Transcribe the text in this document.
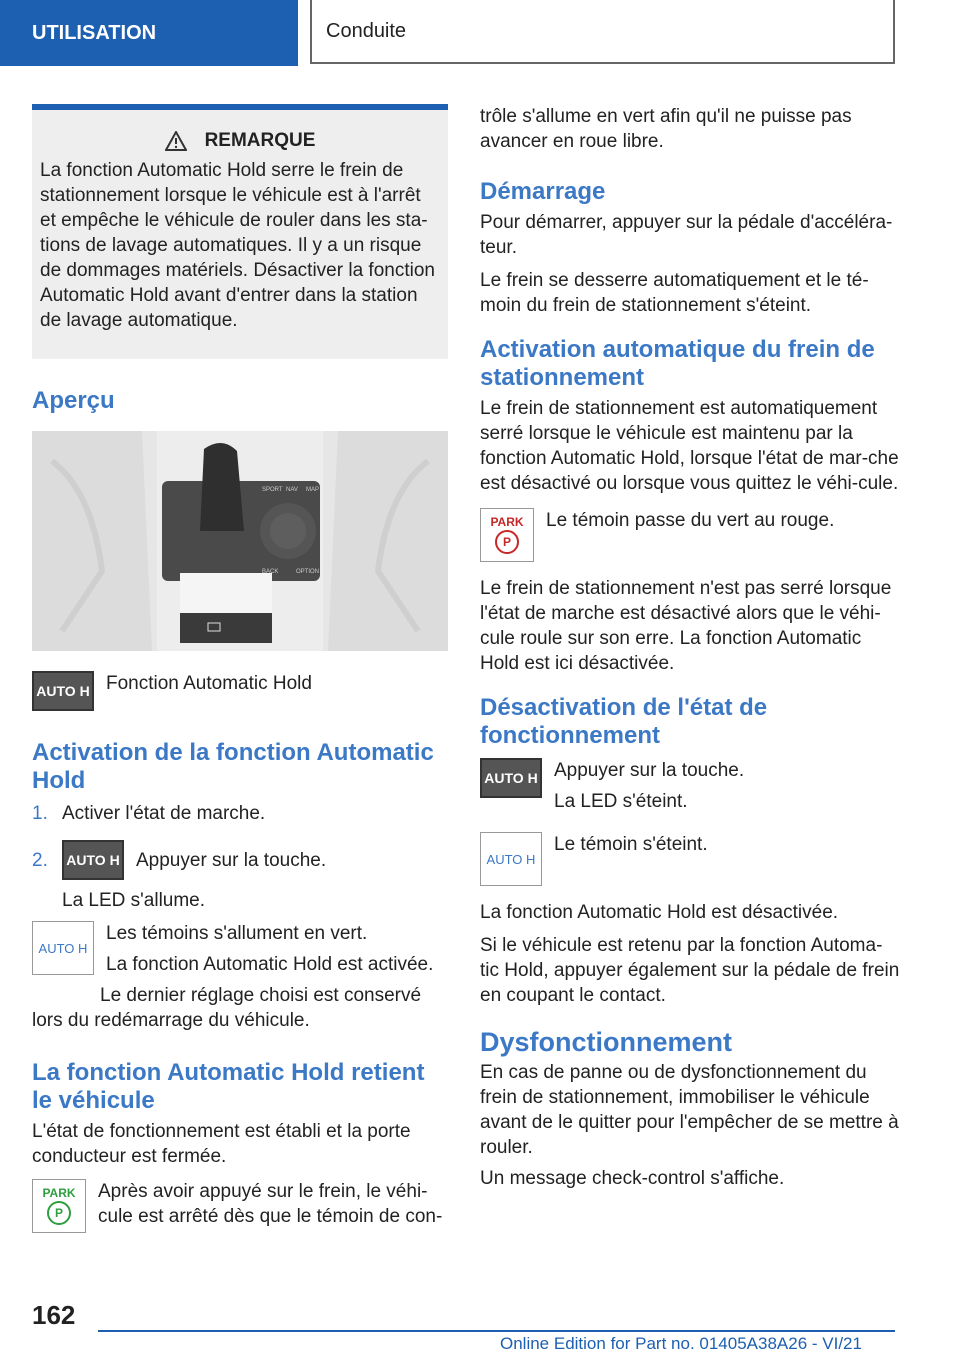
UTILISATION	Conduite
REMARQUE

La fonction Automatic Hold serre le frein de stationnement lorsque le véhicule est à l'arrêt et empêche le véhicule de rouler dans les sta-tions de lavage automatiques. Il y a un risque de dommages matériels. Désactiver la fonction Automatic Hold avant d'entrer dans la station de lavage automatique.

Aperçu
SPORT NAV MAP
BACK	OPTION
AUTO H Fonction Automatic Hold

Activation de la fonction Automatic Hold
1. Activer l'état de marche.
2.	AUTO H Appuyer sur la touche.

La LED s'allume.

AUTO H

Les témoins s'allument en vert.

La fonction Automatic Hold est activée.

Le dernier réglage choisi est conservé lors du redémarrage du véhicule.

La fonction Automatic Hold retient le véhicule

L'état de fonctionnement est établi et la porte conducteur est fermée.

PARK
P

Après avoir appuyé sur le frein, le véhi-cule est arrêté dès que le témoin de con-

trôle s'allume en vert afin qu'il ne puisse pas avancer en roue libre.

Démarrage

Pour démarrer, appuyer sur la pédale d'accéléra-teur.

Le frein se desserre automatiquement et le té-moin du frein de stationnement s'éteint.

Activation automatique du frein de stationnement

Le frein de stationnement est automatiquement serré lorsque le véhicule est maintenu par la fonction Automatic Hold, lorsque l'état de mar-che est désactivé ou lorsque vous quittez le véhi-cule.

PARK
P

Le témoin passe du vert au rouge.

Le frein de stationnement n'est pas serré lorsque l'état de marche est désactivé alors que le véhi-cule roule sur son erre. La fonction Automatic Hold est ici désactivée.

Désactivation de l'état de fonctionnement
AUTO H Appuyer sur la touche.

La LED s'éteint.

AUTO H

Le témoin s'éteint.

La fonction Automatic Hold est désactivée.

Si le véhicule est retenu par la fonction Automa-tic Hold, appuyer également sur la pédale de frein en coupant le contact.

Dysfonctionnement

En cas de panne ou de dysfonctionnement du frein de stationnement, immobiliser le véhicule avant de le quitter pour l'empêcher de se mettre à rouler.

Un message check-control s'affiche.

162
Online Edition for Part no. 01405A38A26 - VI/21
